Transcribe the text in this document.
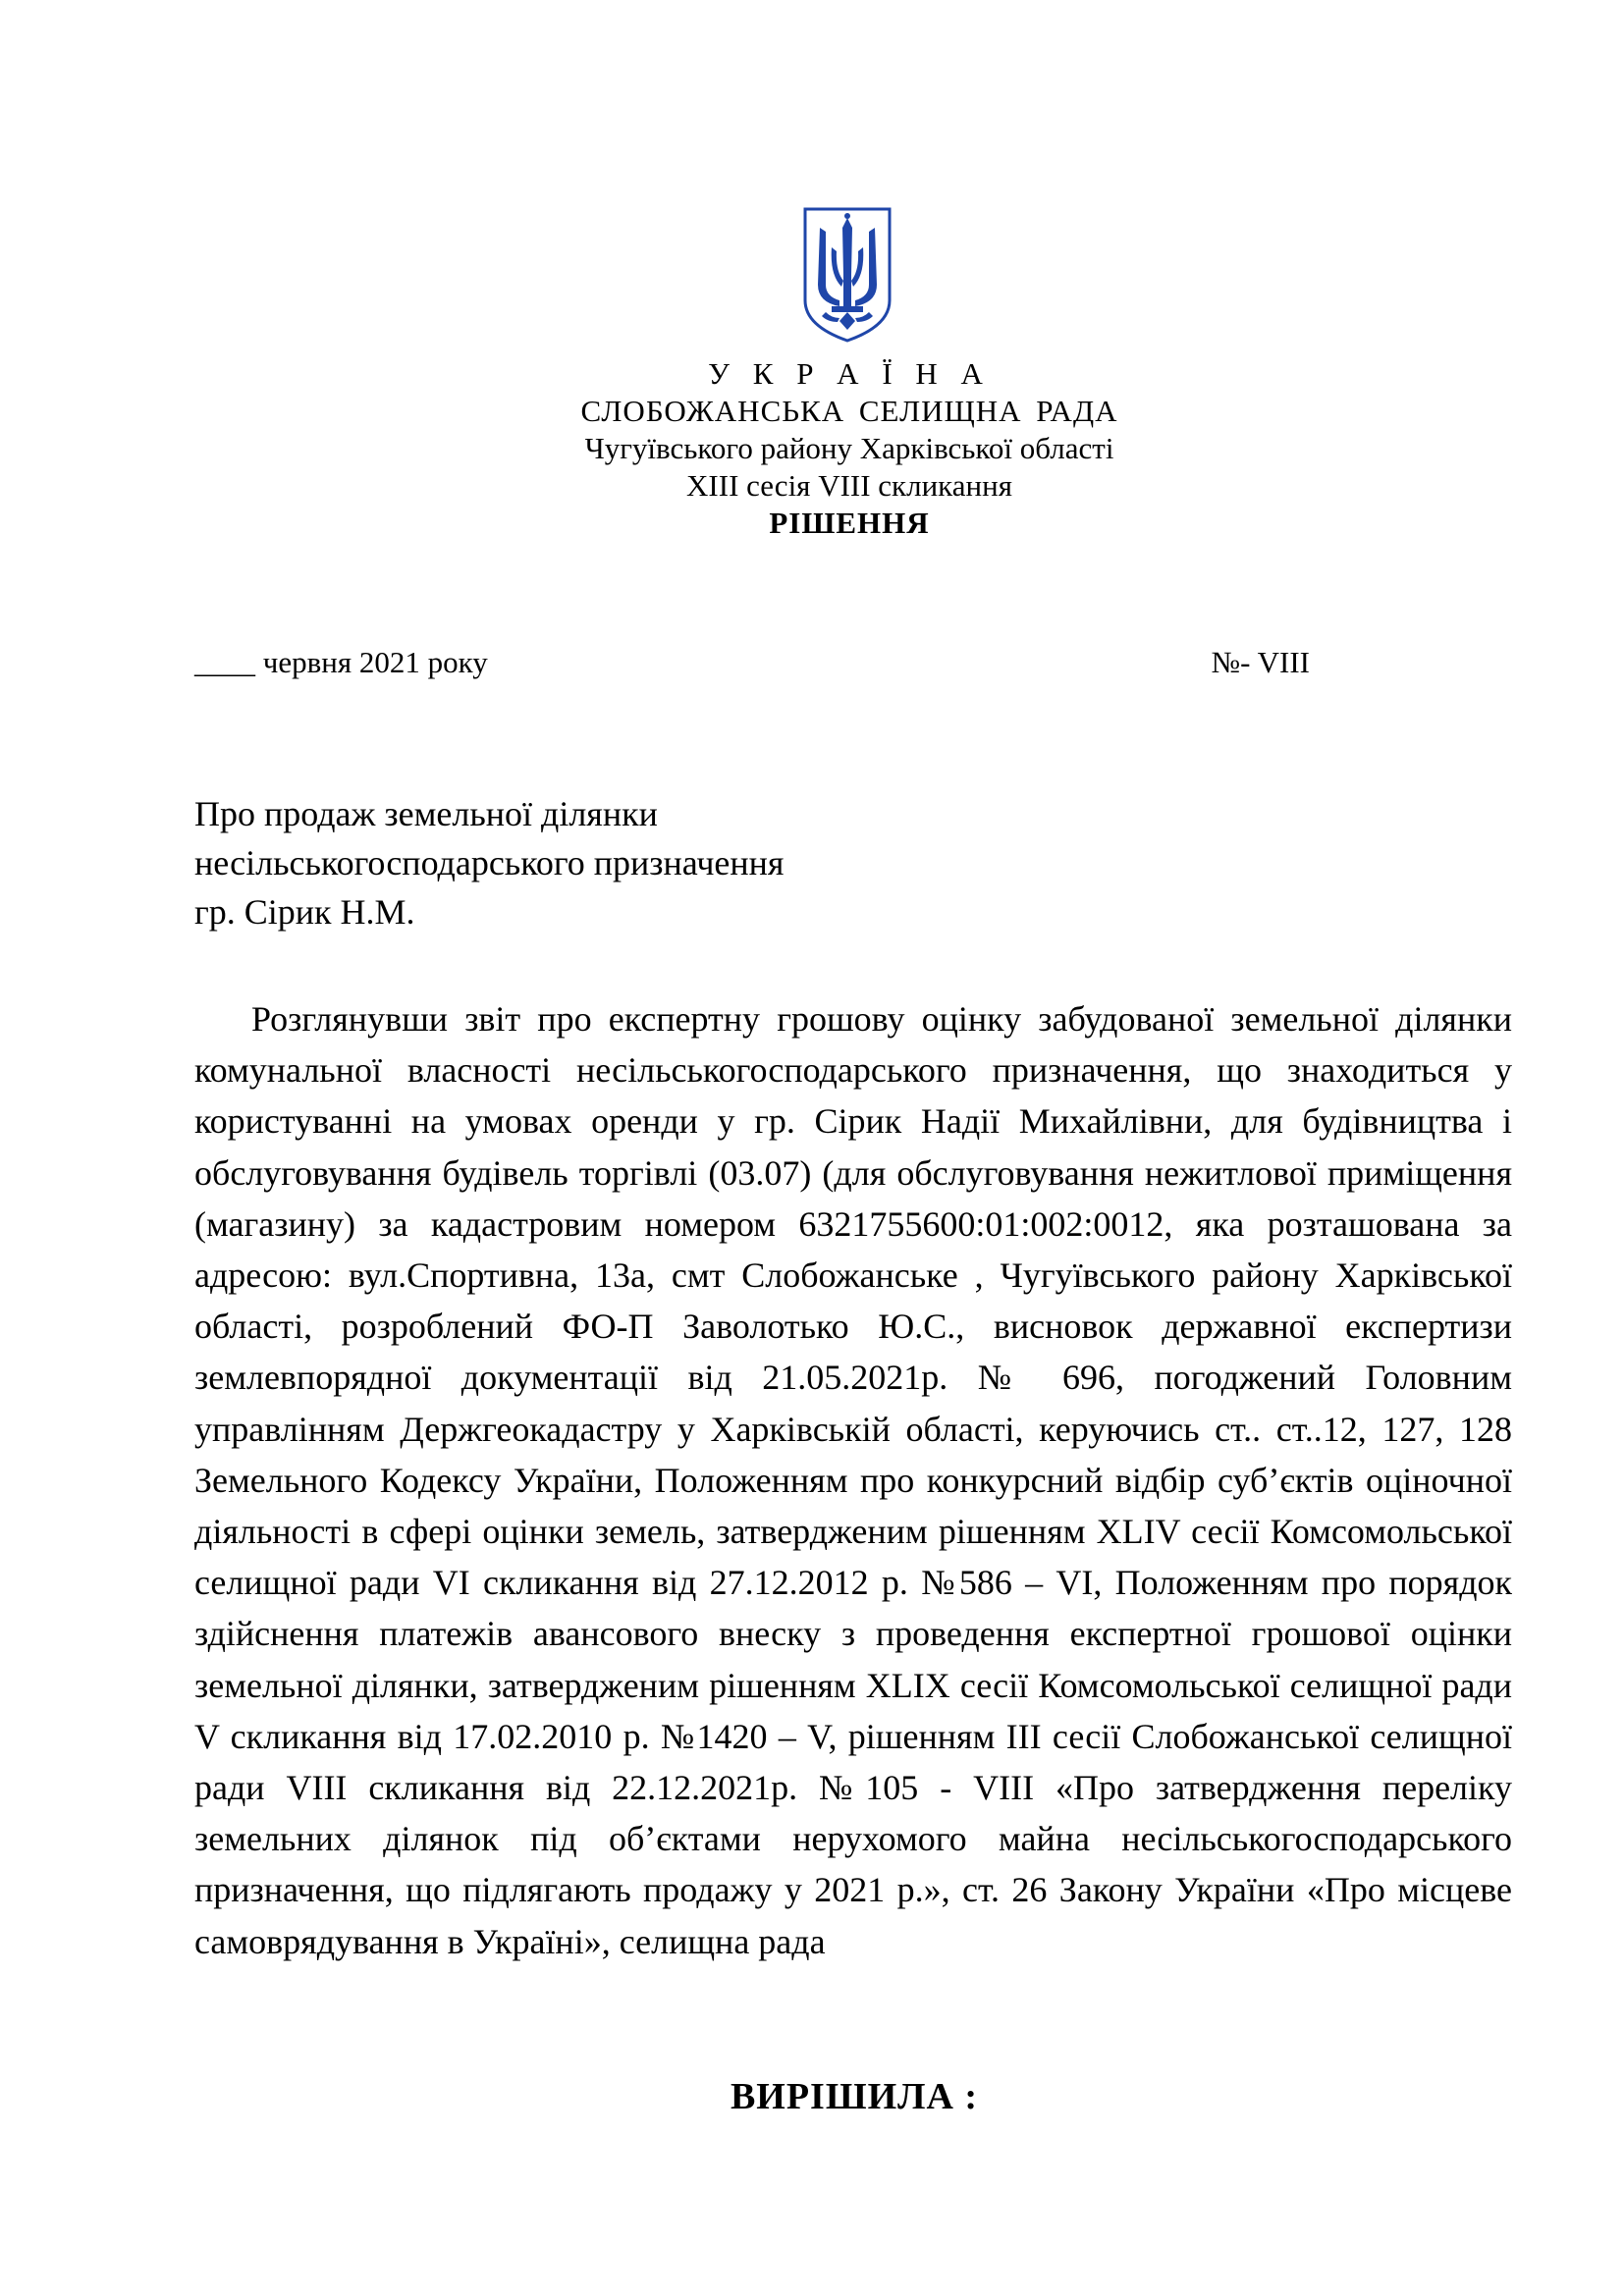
У К Р А Ї Н А
СЛОБОЖАНСЬКА СЕЛИЩНА РАДА
Чугуївського району Харківської області
XIII сесія VIII скликання
РІШЕННЯ
____ червня 2021 року	№- VIII
Про продаж земельної ділянки
несільськогосподарського призначення
гр. Сірик Н.М.

Розглянувши звіт про експертну грошову оцінку забудованої земельної ділянки комунальної власності несільськогосподарського призначення, що знаходиться у користуванні на умовах оренди у гр. Сірик Надії Михайлівни, для будівництва і обслуговування будівель торгівлі (03.07) (для обслуговування нежитлової приміщення (магазину) за кадастровим номером 6321755600:01:002:0012, яка розташована за адресою: вул.Спортивна, 13а, смт Слобожанське , Чугуївського району Харківської області, розроблений ФО-П Заволотько Ю.С., висновок державної експертизи землевпорядної документації від 21.05.2021р. № 696, погоджений Головним управлінням Держгеокадастру у Харківській області, керуючись ст.. ст..12, 127, 128 Земельного Кодексу України, Положенням про конкурсний відбір суб’єктів оціночної діяльності в сфері оцінки земель, затвердженим рішенням XLIV сесії Комсомольської селищної ради VI скликання від 27.12.2012 р. №586 – VI, Положенням про порядок здійснення платежів авансового внеску з проведення експертної грошової оцінки земельної ділянки, затвердженим рішенням XLIX сесії Комсомольської селищної ради V скликання від 17.02.2010 р. №1420 – V, рішенням III сесії Слобожанської селищної ради VIII скликання від 22.12.2021р. №105 - VIII «Про затвердження переліку земельних ділянок під об’єктами нерухомого майна несільськогосподарського призначення, що підлягають продажу у 2021 р.», ст. 26 Закону України «Про місцеве самоврядування в Україні», селищна рада

ВИРІШИЛА :
